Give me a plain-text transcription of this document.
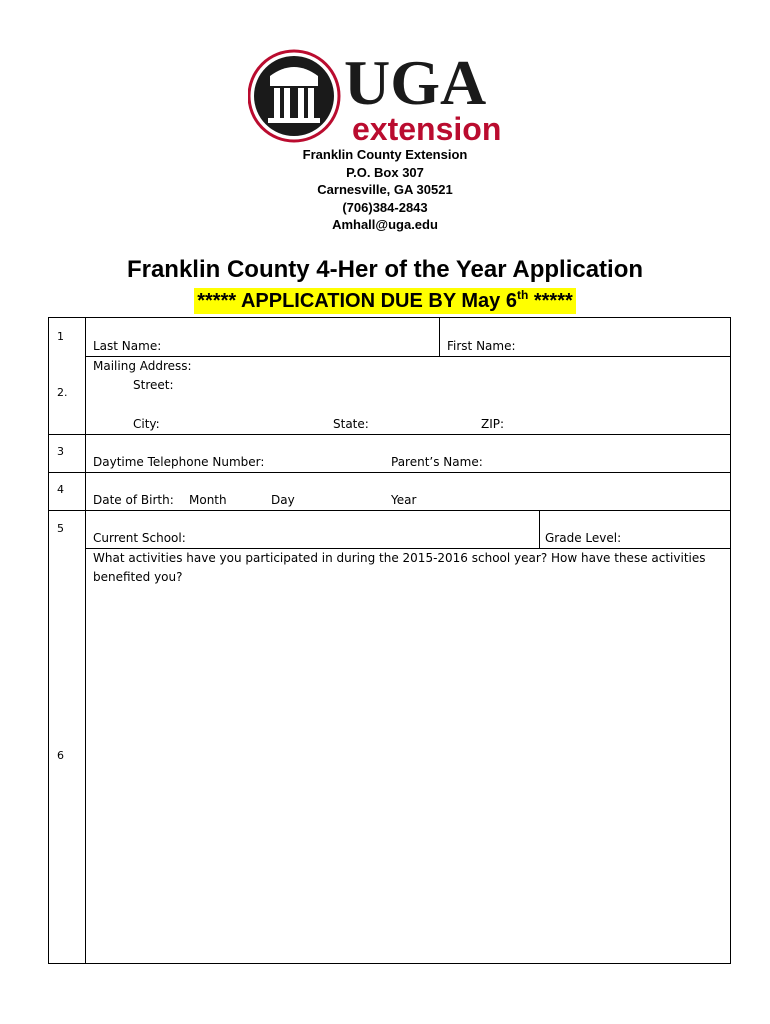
UGA
extension
Franklin County Extension
P.O. Box 307
Carnesville, GA 30521
(706)384-2843
Amhall@uga.edu
Franklin County 4-Her of the Year Application
***** APPLICATION DUE BY May 6th *****
1
Last Name:	First Name:
2.
Mailing Address:
Street:
City:	State:	ZIP:
3
Daytime Telephone Number:	Parent’s Name:
4
Date of Birth: Month	Day	Year
5
Current School:	Grade Level:
6
What activities have you participated in during the 2015-2016 school year? How have these activities benefited you?
